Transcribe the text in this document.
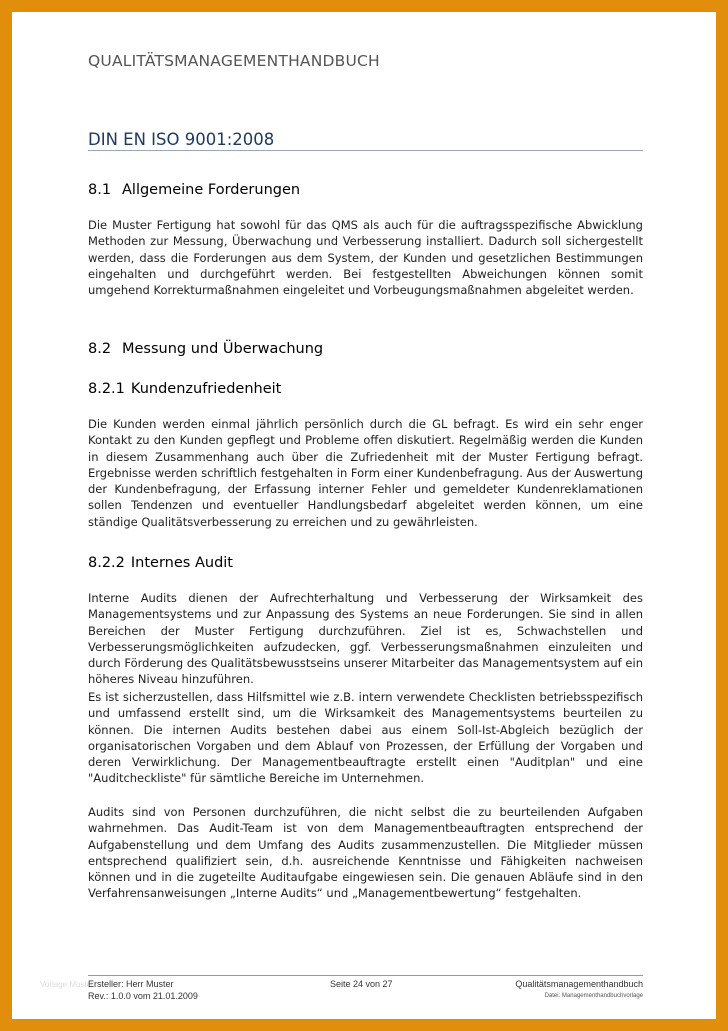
QUALITÄTSMANAGEMENTHANDBUCH
DIN EN ISO 9001:2008
8.1 Allgemeine Forderungen

Die Muster Fertigung hat sowohl für das QMS als auch für die auftragsspezifische Abwicklung Methoden zur Messung, Überwachung und Verbesserung installiert. Dadurch soll sichergestellt werden, dass die Forderungen aus dem System, der Kunden und gesetzlichen Bestimmungen eingehalten und durchgeführt werden. Bei festgestellten Abweichungen können somit umgehend Korrekturmaßnahmen eingeleitet und Vorbeugungsmaßnahmen abgeleitet werden.

8.2 Messung und Überwachung
8.2.1 Kundenzufriedenheit

Die Kunden werden einmal jährlich persönlich durch die GL befragt. Es wird ein sehr enger Kontakt zu den Kunden gepflegt und Probleme offen diskutiert. Regelmäßig werden die Kunden in diesem Zusammenhang auch über die Zufriedenheit mit der Muster Fertigung befragt. Ergebnisse werden schriftlich festgehalten in Form einer Kundenbefragung. Aus der Auswertung der Kundenbefragung, der Erfassung interner Fehler und gemeldeter Kundenreklamationen sollen Tendenzen und eventueller Handlungsbedarf abgeleitet werden können, um eine ständige Qualitätsverbesserung zu erreichen und zu gewährleisten.

8.2.2 Internes Audit

Interne Audits dienen der Aufrechterhaltung und Verbesserung der Wirksamkeit des Managementsystems und zur Anpassung des Systems an neue Forderungen. Sie sind in allen Bereichen der Muster Fertigung durchzuführen. Ziel ist es, Schwachstellen und Verbesserungsmöglichkeiten aufzudecken, ggf. Verbesserungsmaßnahmen einzuleiten und durch Förderung des Qualitätsbewusstseins unserer Mitarbeiter das Managementsystem auf ein höheres Niveau hinzuführen.

Es ist sicherzustellen, dass Hilfsmittel wie z.B. intern verwendete Checklisten betriebsspezifisch und umfassend erstellt sind, um die Wirksamkeit des Managementsystems beurteilen zu können. Die internen Audits bestehen dabei aus einem Soll-Ist-Abgleich bezüglich der organisatorischen Vorgaben und dem Ablauf von Prozessen, der Erfüllung der Vorgaben und deren Verwirklichung. Der Managementbeauftragte erstellt einen "Auditplan" und eine "Auditcheckliste" für sämtliche Bereiche im Unternehmen.

Audits sind von Personen durchzuführen, die nicht selbst die zu beurteilenden Aufgaben wahrnehmen. Das Audit-Team ist von dem Managementbeauftragten entsprechend der Aufgabenstellung und dem Umfang des Audits zusammenzustellen. Die Mitglieder müssen entsprechend qualifiziert sein, d.h. ausreichende Kenntnisse und Fähigkeiten nachweisen können und in die zugeteilte Auditaufgabe eingewiesen sein. Die genauen Abläufe sind in den Verfahrensanweisungen „Interne Audits“ und „Managementbewertung“ festgehalten.

Vorlage Muster
Ersteller: Herr Muster
Rev.: 1.0.0 vom 21.01.2009
Seite 24 von 27	Qualitätsmanagementhandbuch
Datei: Managementhandbuchvorlage
